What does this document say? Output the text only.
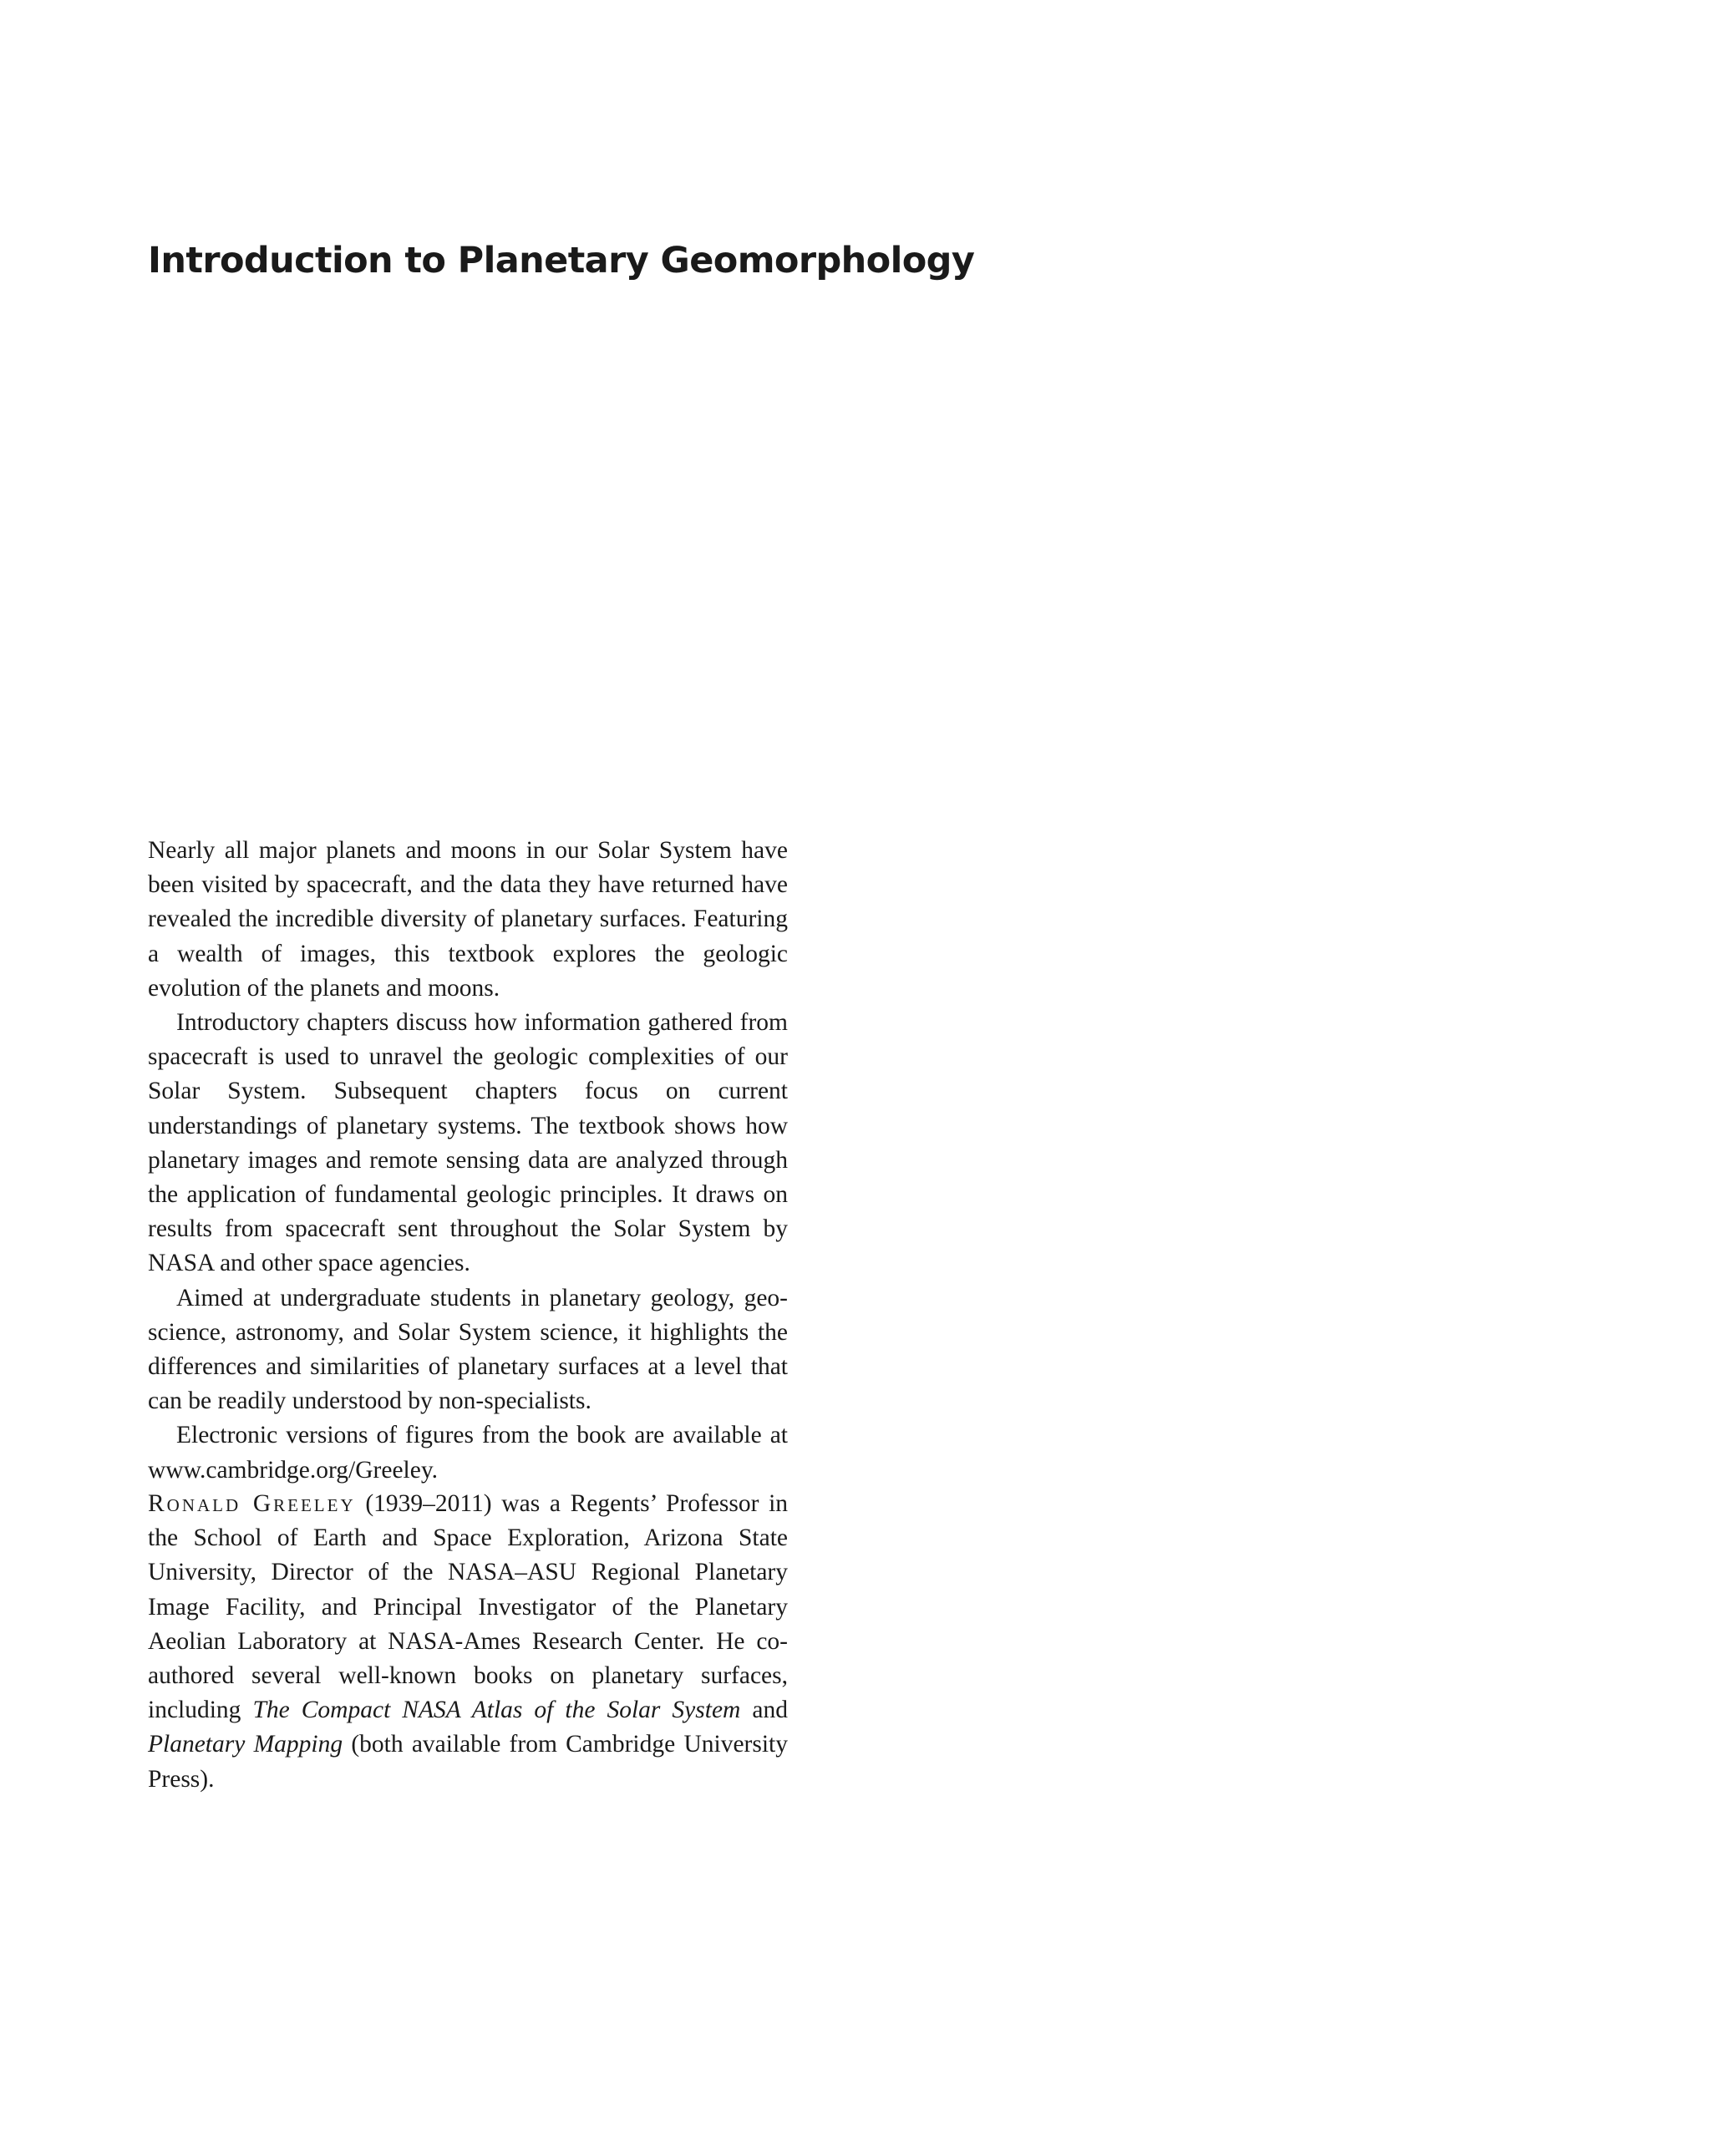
Introduction to Planetary Geomorphology

Nearly all major planets and moons in our Solar System have been visited by spacecraft, and the data they have returned have revealed the incredible diversity of planetary surfaces. Featuring a wealth of images, this textbook explores the geologic evolution of the planets and moons.

Introductory chapters discuss how information gathered from spacecraft is used to unravel the geologic complexities of our Solar System. Subsequent chapters focus on current understandings of planetary systems. The textbook shows how planetary images and remote sensing data are analyzed through the application of fundamental geologic principles. It draws on results from spacecraft sent throughout the Solar System by NASA and other space agencies.

Aimed at undergraduate students in planetary geology, geoscience, astronomy, and Solar System science, it highlights the differences and similarities of planetary surfaces at a level that can be readily understood by non-specialists.

Electronic versions of figures from the book are available at www.cambridge.org/Greeley.

Ronald Greeley (1939–2011) was a Regents’ Professor in the School of Earth and Space Exploration, Arizona State University, Director of the NASA–ASU Regional Planetary Image Facility, and Principal Investigator of the Planetary Aeolian Laboratory at NASA-Ames Research Center. He co-authored several well-known books on planetary surfaces, including The Compact NASA Atlas of the Solar System and Planetary Mapping (both available from Cambridge University Press).
